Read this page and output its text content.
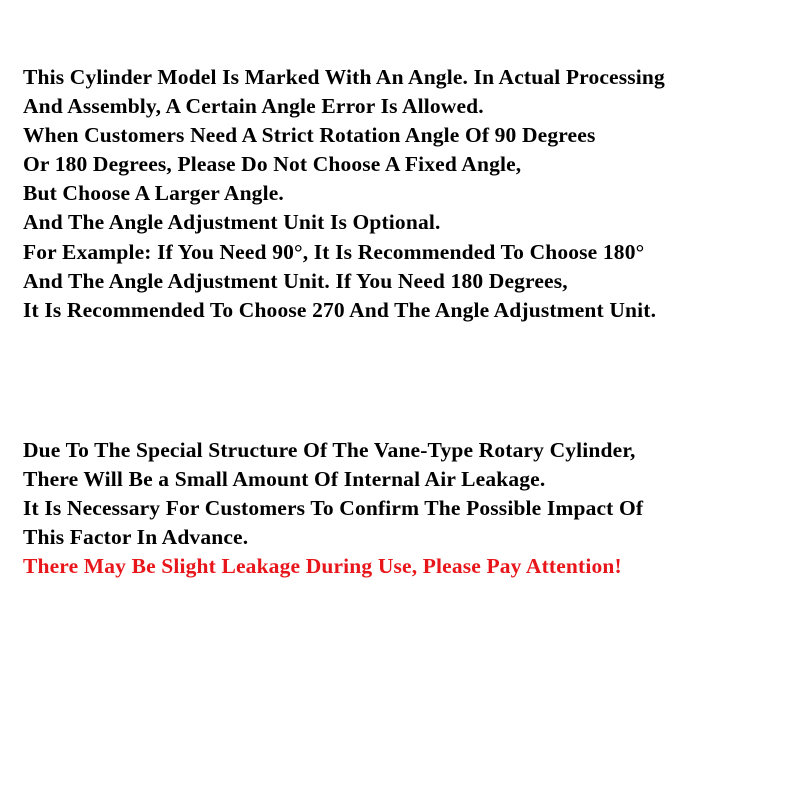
This Cylinder Model Is Marked With An Angle. In Actual Processing
And Assembly, A Certain Angle Error Is Allowed.
When Customers Need A Strict Rotation Angle Of 90 Degrees
Or 180 Degrees, Please Do Not Choose A Fixed Angle,
But Choose A Larger Angle.
And The Angle Adjustment Unit Is Optional.
For Example: If You Need 90°, It Is Recommended To Choose 180°
And The Angle Adjustment Unit. If You Need 180 Degrees,
It Is Recommended To Choose 270 And The Angle Adjustment Unit.
Due To The Special Structure Of The Vane-Type Rotary Cylinder,
There Will Be a Small Amount Of Internal Air Leakage.
It Is Necessary For Customers To Confirm The Possible Impact Of
This Factor In Advance.
There May Be Slight Leakage During Use, Please Pay Attention!
